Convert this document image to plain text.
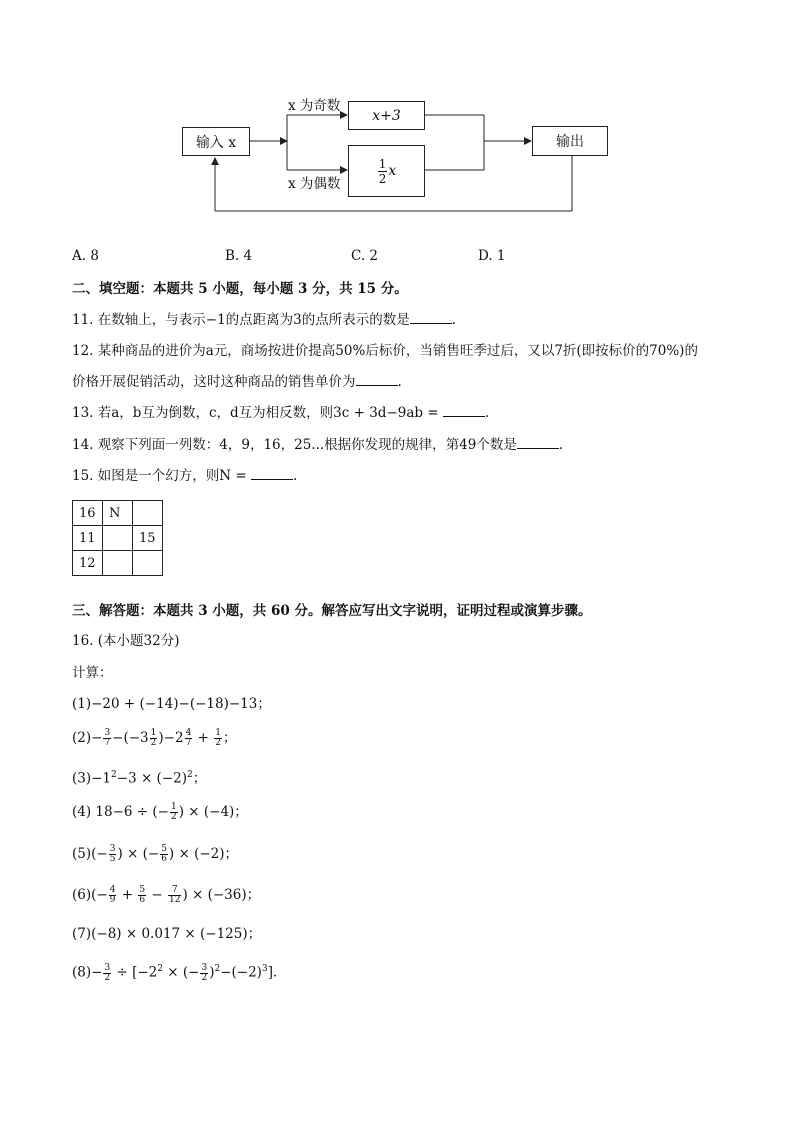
输入 x
x+3
$\frac{1}{2}$ x
输出
x 为奇数
x 为偶数
A. 8	B. 4	C. 2	D. 1
二、填空题：本题共 5 小题，每小题 3 分，共 15 分。
11. 在数轴上，与表示−1的点距离为3的点所表示的数是	.
12. 某种商品的进价为a元，商场按进价提高50%后标价，当销售旺季过后，又以7折(即按标价的70%)的
价格开展促销活动，这时这种商品的销售单价为	.
13. 若a，b互为倒数，c，d互为相反数，则3c + 3d−9ab =	.
14. 观察下列面一列数：4，9，16，25...根据你发现的规律，第49个数是	.
15. 如图是一个幻方，则N =	.
16	N	
11		15
12		
三、解答题：本题共 3 小题，共 60 分。解答应写出文字说明，证明过程或演算步骤。
16. (本小题32分)
计算：
(1)−20 + (−14)−(−18)−13；
$(2)- \frac{3}{7} -(-3 \frac{1}{2} )-2 \frac{4}{7} + \frac{1}{2}$ ；
$(3)-1^2-3 \times (-2)^2$；
(4) 18−6 ÷ (− $\frac{1}{2}$ ) × (−4)；
$(5)(- \frac{3}{5}$ ) × (− $\frac{5}{6}$ ) × (−2)；
$(6)(- \frac{4}{9} + \frac{5}{6} - \frac{7}{12}$ ) × (−36)；
(7)(−8) × 0.017 × (−125)；
$(8)- \frac{3}{2} \div [-2^2$ × (− $\frac{3}{2} )^2-(-2)^3$].
